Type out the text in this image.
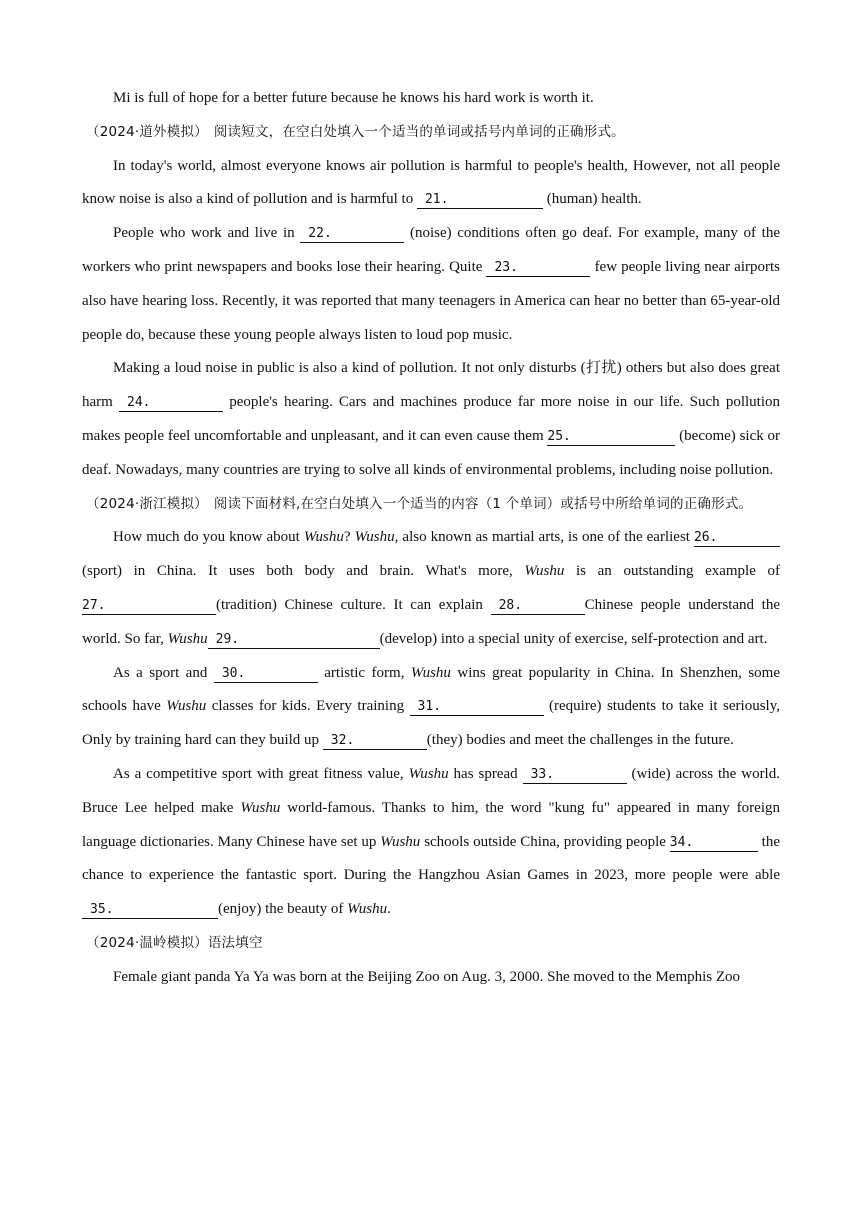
Mi is full of hope for a better future because he knows his hard work is worth it.

（2024·道外模拟） 阅读短文，在空白处填入一个适当的单词或括号内单词的正确形式。

In today's world, almost everyone knows air pollution is harmful to people's health, However, not all people know noise is also a kind of pollution and is harmful to 21.	(human) health.

People who work and live in 22.	(noise) conditions often go deaf. For example, many of the workers who print newspapers and books lose their hearing. Quite 23.	few people living near airports also have hearing loss. Recently, it was reported that many teenagers in America can hear no better than 65-year-old people do, because these young people always listen to loud pop music.

Making a loud noise in public is also a kind of pollution. It not only disturbs (打扰) others but also does great harm 24.	people's hearing. Cars and machines produce far more noise in our life. Such pollution makes people feel uncomfortable and unpleasant, and it can even cause them 25.	(become) sick or deaf. Nowadays, many countries are trying to solve all kinds of environmental problems, including noise pollution.

（2024·浙江模拟） 阅读下面材料,在空白处填入一个适当的内容（1 个单词）或括号中所给单词的正确形式。

How much do you know about Wushu? Wushu, also known as martial arts, is one of the earliest 26.(sport) in China. It uses both body and brain. What's more, Wushu is an outstanding example of 27.	(tradition) Chinese culture. It can explain 28.	Chinese people understand the world. So far, Wushu 29.	(develop) into a special unity of exercise, self-protection and art.

As a sport and 30.	artistic form, Wushu wins great popularity in China. In Shenzhen, some schools have Wushu classes for kids. Every training 31.	(require) students to take it seriously, Only by training hard can they build up 32.	(they) bodies and meet the challenges in the future.

As a competitive sport with great fitness value, Wushu has spread 33.	(wide) across the world. Bruce Lee helped make Wushu world-famous. Thanks to him, the word "kung fu" appeared in many foreign language dictionaries. Many Chinese have set up Wushu schools outside China, providing people 34.	the chance to experience the fantastic sport. During the Hangzhou Asian Games in 2023, more people were able 35.	(enjoy) the beauty of Wushu.

（2024·温岭模拟）语法填空

Female giant panda Ya Ya was born at the Beijing Zoo on Aug. 3, 2000. She moved to the Memphis Zoo
